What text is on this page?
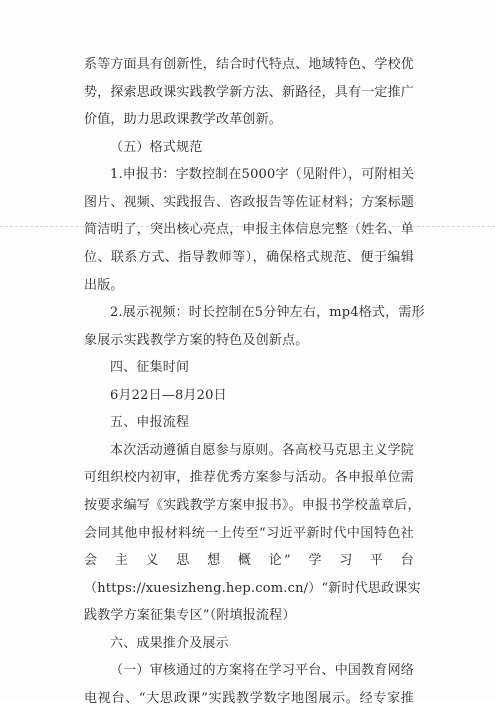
系等方面具有创新性，结合时代特点、地域特色、学校优
势，探索思政课实践教学新方法、新路径，具有一定推广
价值，助力思政课教学改革创新。
（五）格式规范
1.申报书：字数控制在5000字（见附件），可附相关
图片、视频、实践报告、咨政报告等佐证材料；方案标题
简洁明了，突出核心亮点，申报主体信息完整（姓名、单
位、联系方式、指导教师等），确保格式规范、便于编辑
出版。
2.展示视频：时长控制在5分钟左右，mp4格式，需形
象展示实践教学方案的特色及创新点。
四、征集时间
6月22日—8月20日
五、申报流程
本次活动遵循自愿参与原则。各高校马克思主义学院
可组织校内初审，推荐优秀方案参与活动。各申报单位需
按要求编写《实践教学方案申报书》。申报书学校盖章后，
会同其他申报材料统一上传至“习近平新时代中国特色社
会　主　义　思　想　概　论”　学　习　平　台
（https://xuesizheng.hep.com.cn/）“新时代思政课实
践教学方案征集专区”（附填报流程）
六、成果推介及展示
（一）审核通过的方案将在学习平台、中国教育网络
电视台、“大思政课”实践教学数字地图展示。经专家推
